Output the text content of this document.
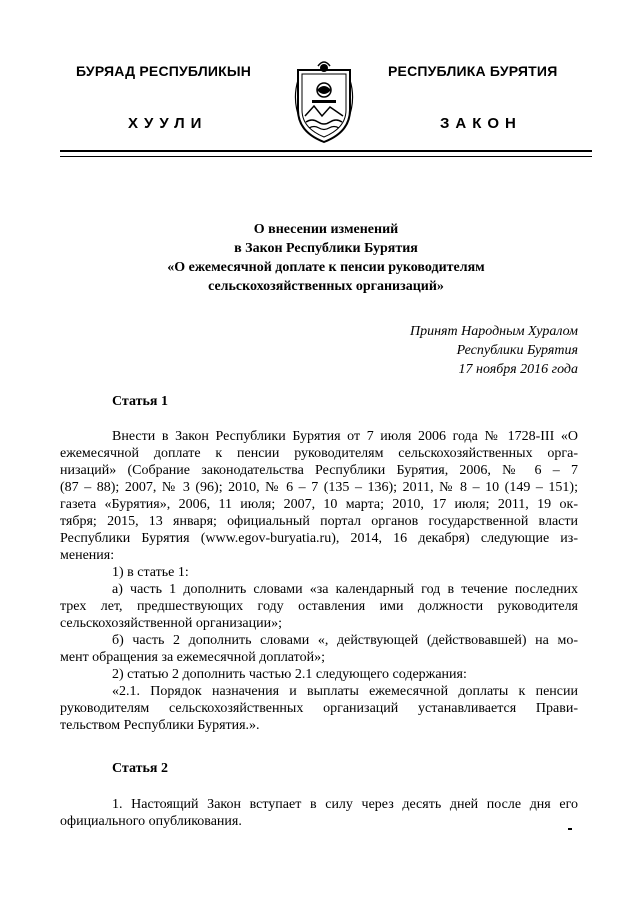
БУРЯАД РЕСПУБЛИКЫН	РЕСПУБЛИКА БУРЯТИЯ
ХУУЛИ	ЗАКОН
О внесении изменений
в Закон Республики Бурятия
«О ежемесячной доплате к пенсии руководителям
сельскохозяйственных организаций»
Принят Народным Хуралом
Республики Бурятия
17 ноября 2016 года
Статья 1
Внести в Закон Республики Бурятия от 7 июля 2006 года № 1728-III «О
ежемесячной доплате к пенсии руководителям сельскохозяйственных орга-
низаций» (Собрание законодательства Республики Бурятия, 2006, № 6 – 7
(87 – 88); 2007, № 3 (96); 2010, № 6 – 7 (135 – 136); 2011, № 8 – 10 (149 – 151);
газета «Бурятия», 2006, 11 июля; 2007, 10 марта; 2010, 17 июля; 2011, 19 ок-
тября; 2015, 13 января; официальный портал органов государственной власти
Республики Бурятия (www.egov-buryatia.ru), 2014, 16 декабря) следующие из-
менения:
1) в статье 1:
а) часть 1 дополнить словами «за календарный год в течение последних
трех лет, предшествующих году оставления ими должности руководителя
сельскохозяйственной организации»;
б) часть 2 дополнить словами «, действующей (действовавшей) на мо-
мент обращения за ежемесячной доплатой»;
2) статью 2 дополнить частью 2.1 следующего содержания:
«2.1. Порядок назначения и выплаты ежемесячной доплаты к пенсии
руководителям сельскохозяйственных организаций устанавливается Прави-
тельством Республики Бурятия.».
Статья 2
1. Настоящий Закон вступает в силу через десять дней после дня его
официального опубликования.
